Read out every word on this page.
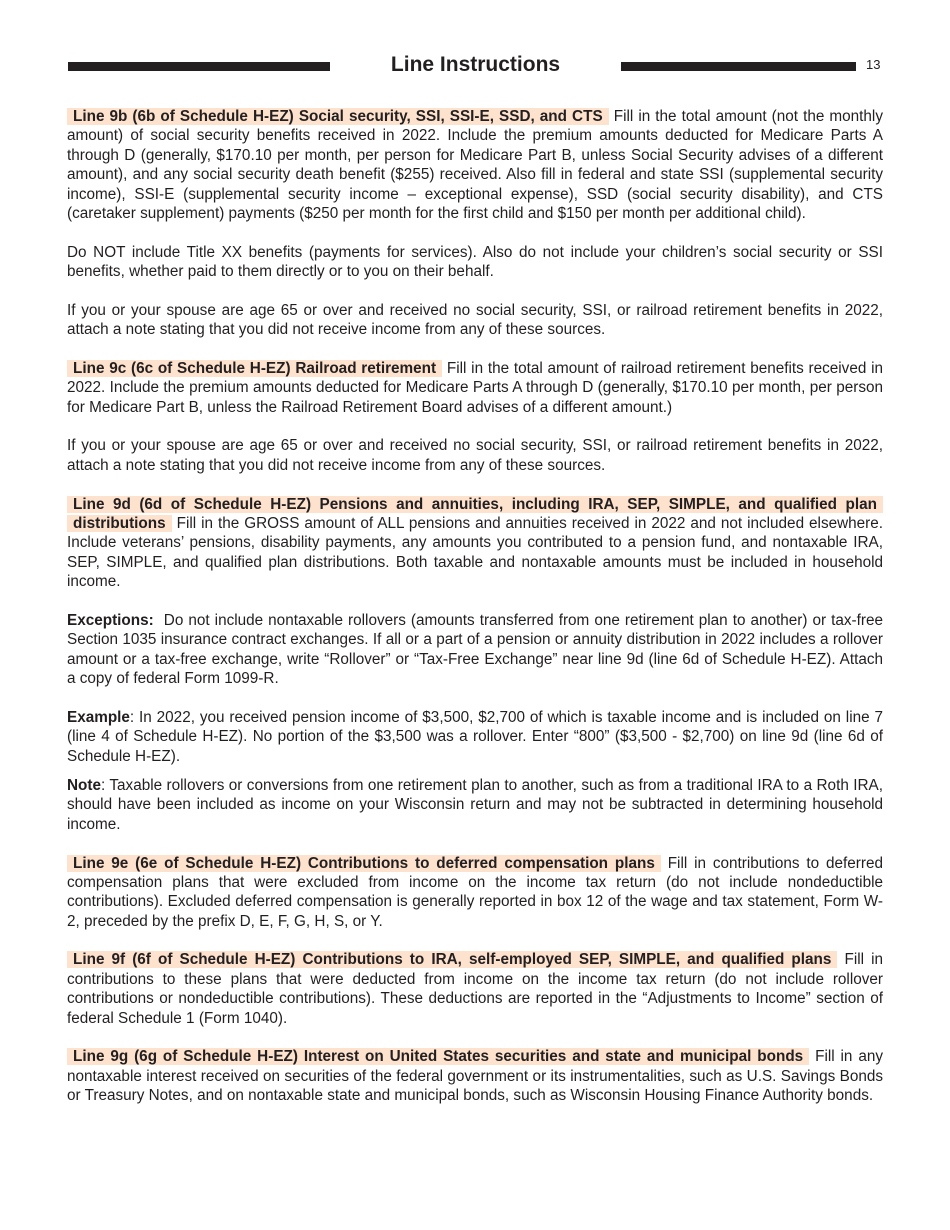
Line Instructions	13

Line 9b (6b of Schedule H-EZ) Social security, SSI, SSI-E, SSD, and CTS Fill in the total amount (not the monthly amount) of social security benefits received in 2022. Include the premium amounts deducted for Medicare Parts A through D (generally, $170.10 per month, per person for Medicare Part B, unless Social Security advises of a different amount), and any social security death benefit ($255) received. Also fill in federal and state SSI (supplemental security income), SSI-E (supplemental security income – exceptional expense), SSD (social security disability), and CTS (caretaker supplement) payments ($250 per month for the first child and $150 per month per additional child).

Do NOT include Title XX benefits (payments for services). Also do not include your children’s social security or SSI benefits, whether paid to them directly or to you on their behalf.

If you or your spouse are age 65 or over and received no social security, SSI, or railroad retirement benefits in 2022, attach a note stating that you did not receive income from any of these sources.

Line 9c (6c of Schedule H-EZ) Railroad retirement Fill in the total amount of railroad retirement benefits received in 2022. Include the premium amounts deducted for Medicare Parts A through D (generally, $170.10 per month, per person for Medicare Part B, unless the Railroad Retirement Board advises of a different amount.)

If you or your spouse are age 65 or over and received no social security, SSI, or railroad retirement benefits in 2022, attach a note stating that you did not receive income from any of these sources.

Line 9d (6d of Schedule H-EZ) Pensions and annuities, including IRA, SEP, SIMPLE, and qualified plan distributions Fill in the GROSS amount of ALL pensions and annuities received in 2022 and not included elsewhere. Include veterans’ pensions, disability payments, any amounts you contributed to a pension fund, and nontaxable IRA, SEP, SIMPLE, and qualified plan distributions. Both taxable and nontaxable amounts must be included in household income.

Exceptions: Do not include nontaxable rollovers (amounts transferred from one retirement plan to another) or tax-free Section 1035 insurance contract exchanges. If all or a part of a pension or annuity distribution in 2022 includes a rollover amount or a tax-free exchange, write “Rollover” or “Tax-Free Exchange” near line 9d (line 6d of Schedule H-EZ). Attach a copy of federal Form 1099-R.

Example: In 2022, you received pension income of $3,500, $2,700 of which is taxable income and is included on line 7 (line 4 of Schedule H-EZ). No portion of the $3,500 was a rollover. Enter “800” ($3,500 - $2,700) on line 9d (line 6d of Schedule H-EZ).

Note: Taxable rollovers or conversions from one retirement plan to another, such as from a traditional IRA to a Roth IRA, should have been included as income on your Wisconsin return and may not be subtracted in determining household income.

Line 9e (6e of Schedule H-EZ) Contributions to deferred compensation plans Fill in contributions to deferred compensation plans that were excluded from income on the income tax return (do not include nondeductible contributions). Excluded deferred compensation is generally reported in box 12 of the wage and tax statement, Form W-2, preceded by the prefix D, E, F, G, H, S, or Y.

Line 9f (6f of Schedule H-EZ) Contributions to IRA, self-employed SEP, SIMPLE, and qualified plans Fill in contributions to these plans that were deducted from income on the income tax return (do not include rollover contributions or nondeductible contributions). These deductions are reported in the “Adjustments to Income” section of federal Schedule 1 (Form 1040).

Line 9g (6g of Schedule H-EZ) Interest on United States securities and state and municipal bonds Fill in any nontaxable interest received on securities of the federal government or its instrumentalities, such as U.S. Savings Bonds or Treasury Notes, and on nontaxable state and municipal bonds, such as Wisconsin Housing Finance Authority bonds.
